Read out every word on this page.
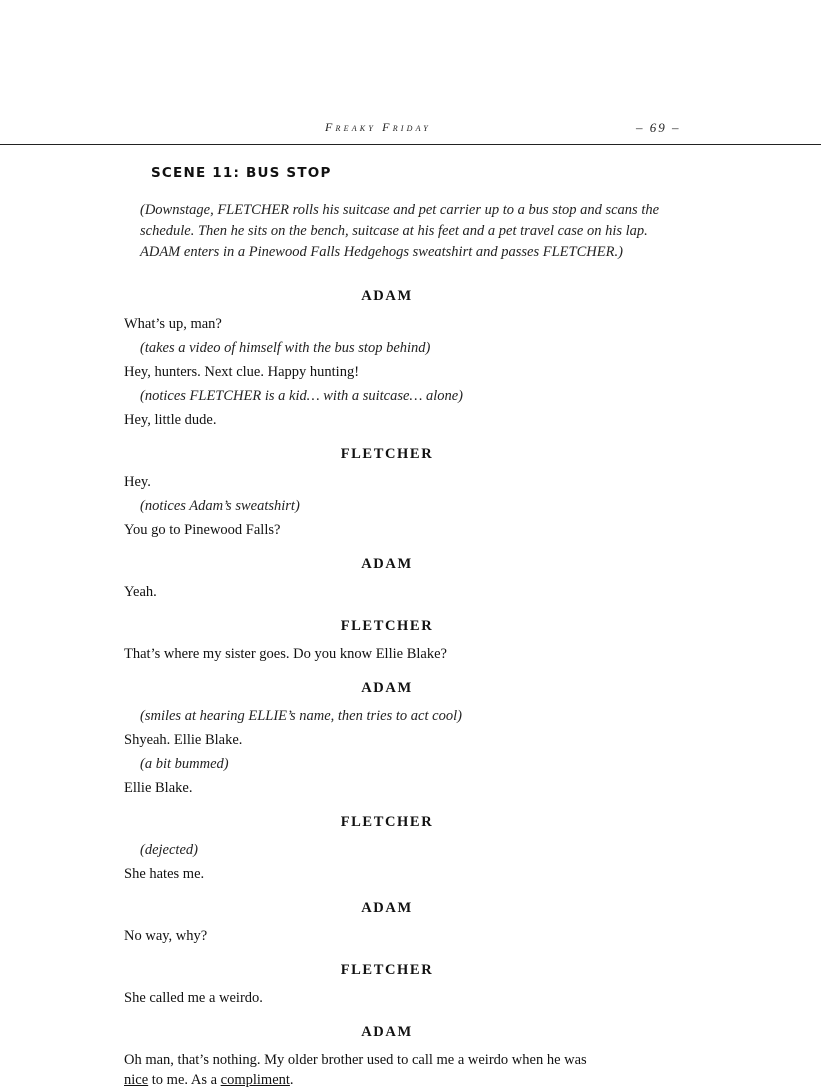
Freaky Friday	– 69 –
SCENE 11: BUS STOP
(Downstage, FLETCHER rolls his suitcase and pet carrier up to a bus stop and scans the schedule. Then he sits on the bench, suitcase at his feet and a pet travel case on his lap. ADAM enters in a Pinewood Falls Hedgehogs sweatshirt and passes FLETCHER.)
ADAM
What’s up, man?
(takes a video of himself with the bus stop behind)
Hey, hunters. Next clue. Happy hunting!
(notices FLETCHER is a kid… with a suitcase… alone)
Hey, little dude.
FLETCHER
Hey.
(notices Adam’s sweatshirt)
You go to Pinewood Falls?
ADAM
Yeah.
FLETCHER
That’s where my sister goes. Do you know Ellie Blake?
ADAM
(smiles at hearing ELLIE’s name, then tries to act cool)
Shyeah. Ellie Blake.
(a bit bummed)
Ellie Blake.
FLETCHER
(dejected)
She hates me.
ADAM
No way, why?
FLETCHER
She called me a weirdo.
ADAM
Oh man, that’s nothing. My older brother used to call me a weirdo when he was
nice to me. As a compliment.
